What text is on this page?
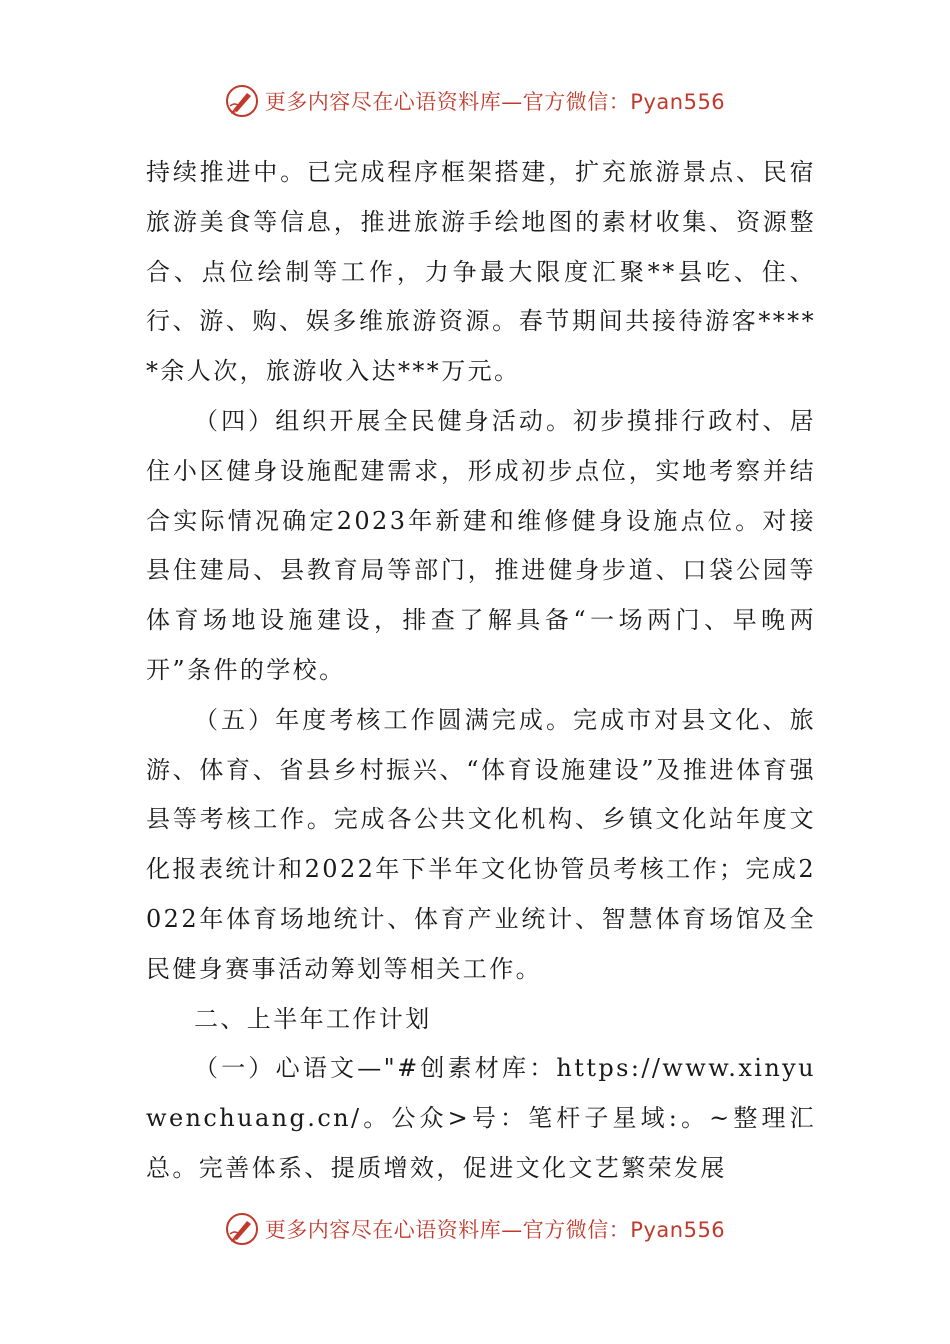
更多内容尽在心语资料库—官方微信：Pyan556

持续推进中。已完成程序框架搭建，扩充旅游景点、民宿旅游美食等信息，推进旅游手绘地图的素材收集、资源整合、点位绘制等工作，力争最大限度汇聚**县吃、住、行、游、购、娱多维旅游资源。春节期间共接待游客*****余人次，旅游收入达***万元。

（四）组织开展全民健身活动。初步摸排行政村、居住小区健身设施配建需求，形成初步点位，实地考察并结合实际情况确定2023年新建和维修健身设施点位。对接县住建局、县教育局等部门，推进健身步道、口袋公园等体育场地设施建设，排查了解具备“一场两门、早晚两开”条件的学校。

（五）年度考核工作圆满完成。完成市对县文化、旅游、体育、省县乡村振兴、“体育设施建设”及推进体育强县等考核工作。完成各公共文化机构、乡镇文化站年度文化报表统计和2022年下半年文化协管员考核工作；完成2022年体育场地统计、体育产业统计、智慧体育场馆及全民健身赛事活动筹划等相关工作。

二、上半年工作计划

（一）心语文—"#创素材库：https://www.xinyuwenchuang.cn/。公众>号：笔杆子星域:。~整理汇总。完善体系、提质增效，促进文化文艺繁荣发展

更多内容尽在心语资料库—官方微信：Pyan556
